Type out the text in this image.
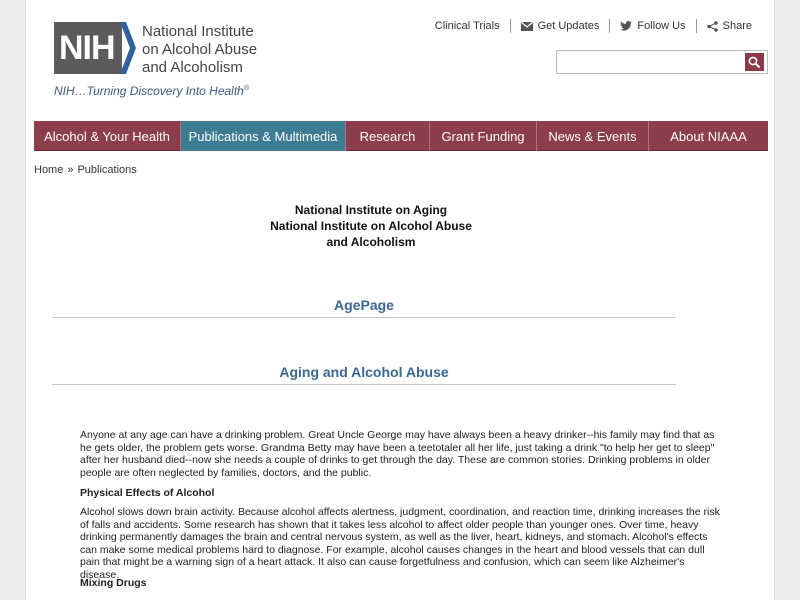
NIH	National Institute
on Alcohol Abuse
and Alcoholism
NIH…Turning Discovery Into Health®
Clinical Trials	Get Updates	Follow Us	Share
Alcohol & Your Health	Publications & Multimedia	Research	Grant Funding	News & Events	About NIAAA
Home » Publications
National Institute on Aging
National Institute on Alcohol Abuse
and Alcoholism
AgePage
Aging and Alcohol Abuse
Anyone at any age can have a drinking problem. Great Uncle George may have always been a heavy drinker--his family may find that as he gets older, the problem gets worse. Grandma Betty may have been a teetotaler all her life, just taking a drink "to help her get to sleep" after her husband died--now she needs a couple of drinks to get through the day. These are common stories. Drinking problems in older people are often neglected by families, doctors, and the public.
Physical Effects of Alcohol
Alcohol slows down brain activity. Because alcohol affects alertness, judgment, coordination, and reaction time, drinking increases the risk of falls and accidents. Some research has shown that it takes less alcohol to affect older people than younger ones. Over time, heavy drinking permanently damages the brain and central nervous system, as well as the liver, heart, kidneys, and stomach. Alcohol's effects can make some medical problems hard to diagnose. For example, alcohol causes changes in the heart and blood vessels that can dull pain that might be a warning sign of a heart attack. It also can cause forgetfulness and confusion, which can seem like Alzheimer's disease.
Mixing Drugs
